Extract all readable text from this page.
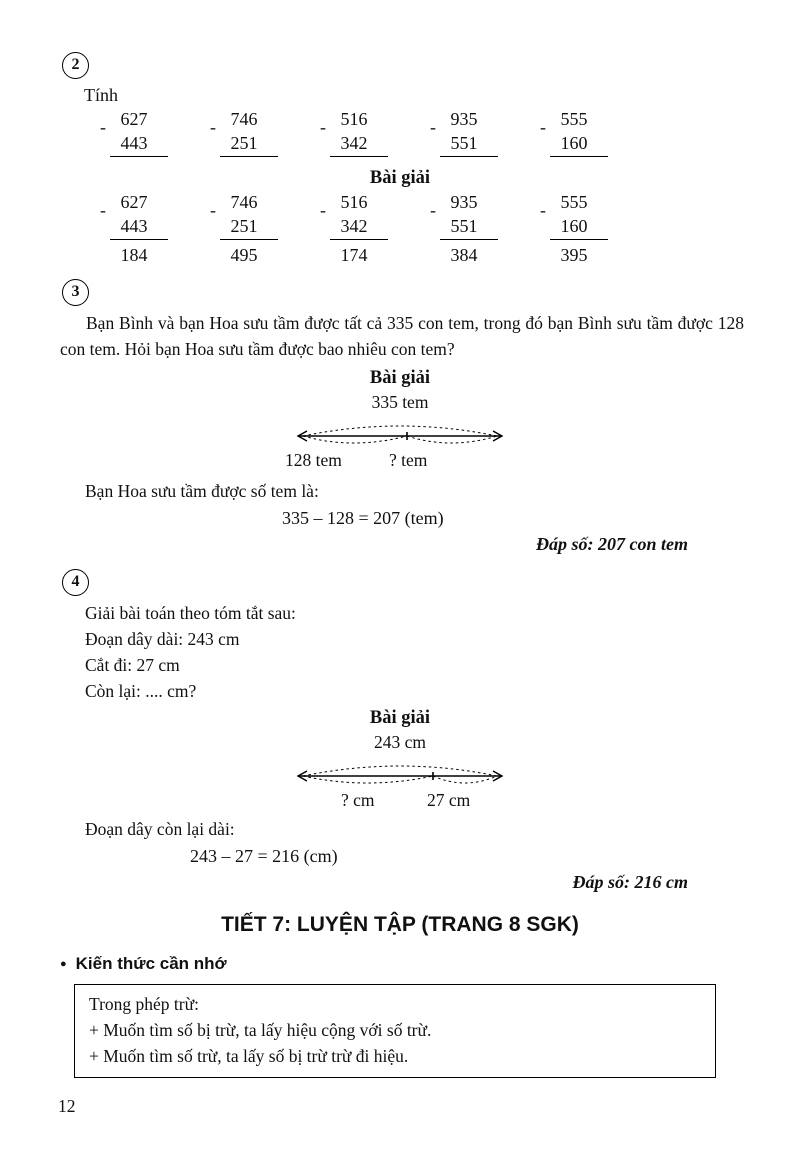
2
Tính
- 627
443
- 746
251
- 516
342
- 935
551
- 555
160
Bài giải
- 627
443
184
- 746
251
495
- 516
342
174
- 935
551
384
- 555
160
395
3

Bạn Bình và bạn Hoa sưu tầm được tất cả 335 con tem, trong đó bạn Bình sưu tầm được 128 con tem. Hỏi bạn Hoa sưu tầm được bao nhiêu con tem?

Bài giải
335 tem
128 tem	? tem
Bạn Hoa sưu tầm được số tem là:
335 – 128 = 207 (tem)
Đáp số: 207 con tem
4
Giải bài toán theo tóm tắt sau:
Đoạn dây dài: 243 cm
Cắt đi: 27 cm
Còn lại: .... cm?
Bài giải
243 cm
? cm	27 cm
Đoạn dây còn lại dài:
243 – 27 = 216 (cm)
Đáp số: 216 cm
TIẾT 7: LUYỆN TẬP (TRANG 8 SGK)
● Kiến thức cần nhớ
Trong phép trừ:
+ Muốn tìm số bị trừ, ta lấy hiệu cộng với số trừ.
+ Muốn tìm số trừ, ta lấy số bị trừ trừ đi hiệu.
12
